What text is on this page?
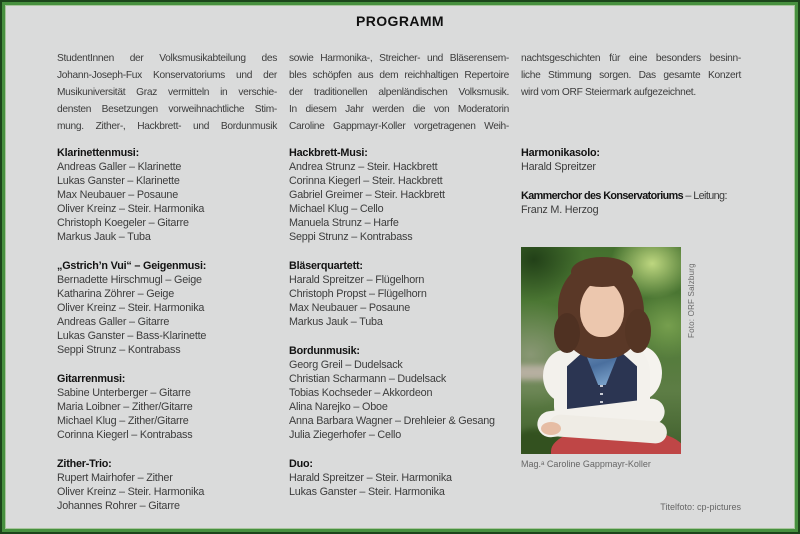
PROGRAMM
StudentInnen der Volksmusikabteilung des
Johann-Joseph-Fux Konservatoriums und der
Musikuniversität Graz vermitteln in verschie-
densten Besetzungen vorweihnachtliche Stim-
mung. Zither-, Hackbrett- und Bordunmusik
Klarinettenmusi:
Andreas Galler – Klarinette
Lukas Ganster – Klarinette
Max Neubauer – Posaune
Oliver Kreinz – Steir. Harmonika
Christoph Koegeler – Gitarre
Markus Jauk – Tuba
„Gstrich’n Vui“ – Geigenmusi:
Bernadette Hirschmugl – Geige
Katharina Zöhrer – Geige
Oliver Kreinz – Steir. Harmonika
Andreas Galler – Gitarre
Lukas Ganster – Bass-Klarinette
Seppi Strunz – Kontrabass
Gitarrenmusi:
Sabine Unterberger – Gitarre
Maria Loibner – Zither/Gitarre
Michael Klug – Zither/Gitarre
Corinna Kiegerl – Kontrabass
Zither-Trio:
Rupert Mairhofer – Zither
Oliver Kreinz – Steir. Harmonika
Johannes Rohrer – Gitarre
sowie Harmonika-, Streicher- und Bläserensem-
bles schöpfen aus dem reichhaltigen Repertoire
der traditionellen alpenländischen Volksmusik.
In diesem Jahr werden die von Moderatorin
Caroline Gappmayr-Koller vorgetragenen Weih-
Hackbrett-Musi:
Andrea Strunz – Steir. Hackbrett
Corinna Kiegerl – Steir. Hackbrett
Gabriel Greimer – Steir. Hackbrett
Michael Klug – Cello
Manuela Strunz – Harfe
Seppi Strunz – Kontrabass
Bläserquartett:
Harald Spreitzer – Flügelhorn
Christoph Propst – Flügelhorn
Max Neubauer – Posaune
Markus Jauk – Tuba
Bordunmusik:
Georg Greil – Dudelsack
Christian Scharmann – Dudelsack
Tobias Kochseder – Akkordeon
Alina Narejko – Oboe
Anna Barbara Wagner – Drehleier & Gesang
Julia Ziegerhofer – Cello
Duo:
Harald Spreitzer – Steir. Harmonika
Lukas Ganster – Steir. Harmonika
nachtsgeschichten für eine besonders besinn-
liche Stimmung sorgen. Das gesamte Konzert
wird vom ORF Steiermark aufgezeichnet.
Harmonikasolo:
Harald Spreitzer
Kammerchor des Konservatoriums – Leitung:
Franz M. Herzog
Foto: ORF Salzburg
Mag.ᵃ Caroline Gappmayr-Koller
Titelfoto: cp-pictures
